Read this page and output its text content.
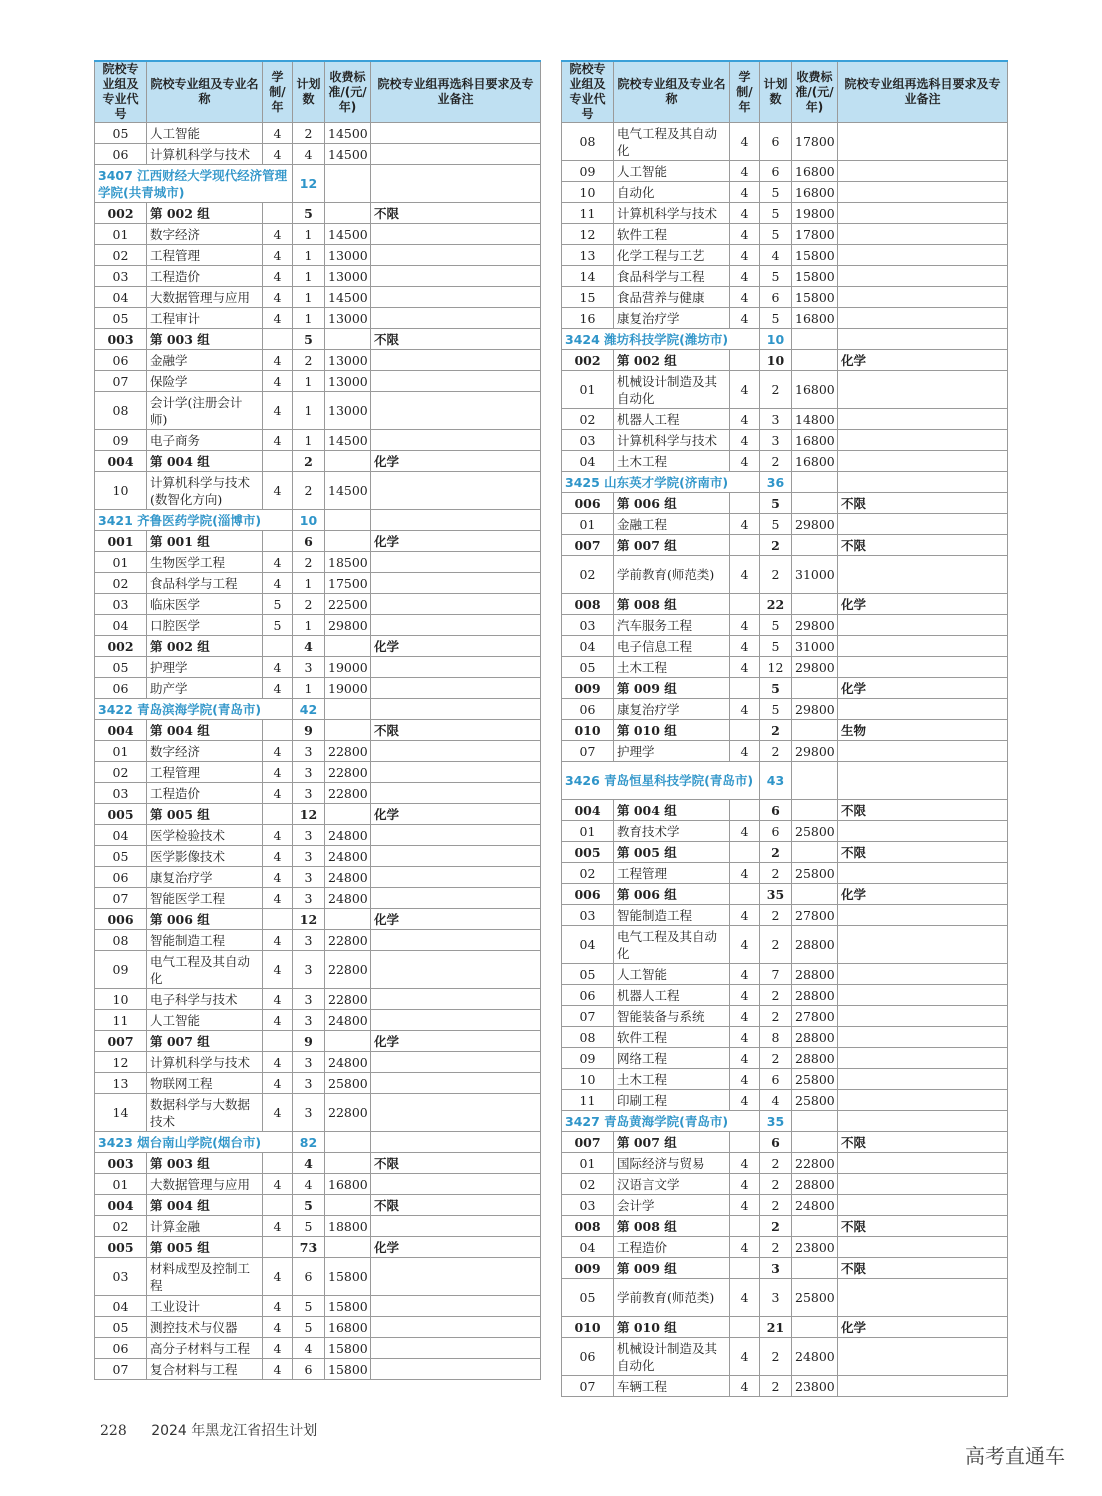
院校专业组及专业代号	院校专业组及专业名称	学制/年	计划数	收费标准/(元/年)	院校专业组再选科目要求及专业备注
05	人工智能	4	2	14500	
06	计算机科学与技术	4	4	14500	
3407 江西财经大学现代经济管理学院(共青城市)			12		
002	第 002 组		5		不限
01	数字经济	4	1	14500	
02	工程管理	4	1	13000	
03	工程造价	4	1	13000	
04	大数据管理与应用	4	1	14500	
05	工程审计	4	1	13000	
003	第 003 组		5		不限
06	金融学	4	2	13000	
07	保险学	4	1	13000	
08	会计学(注册会计师)	4	1	13000	
09	电子商务	4	1	14500	
004	第 004 组		2		化学
10	计算机科学与技术(数智化方向)	4	2	14500	
3421 齐鲁医药学院(淄博市)			10		
001	第 001 组		6		化学
01	生物医学工程	4	2	18500	
02	食品科学与工程	4	1	17500	
03	临床医学	5	2	22500	
04	口腔医学	5	1	29800	
002	第 002 组		4		化学
05	护理学	4	3	19000	
06	助产学	4	1	19000	
3422 青岛滨海学院(青岛市)			42		
004	第 004 组		9		不限
01	数字经济	4	3	22800	
02	工程管理	4	3	22800	
03	工程造价	4	3	22800	
005	第 005 组		12		化学
04	医学检验技术	4	3	24800	
05	医学影像技术	4	3	24800	
06	康复治疗学	4	3	24800	
07	智能医学工程	4	3	24800	
006	第 006 组		12		化学
08	智能制造工程	4	3	22800	
09	电气工程及其自动化	4	3	22800	
10	电子科学与技术	4	3	22800	
11	人工智能	4	3	24800	
007	第 007 组		9		化学
12	计算机科学与技术	4	3	24800	
13	物联网工程	4	3	25800	
14	数据科学与大数据技术	4	3	22800	
3423 烟台南山学院(烟台市)			82		
003	第 003 组		4		不限
01	大数据管理与应用	4	4	16800	
004	第 004 组		5		不限
02	计算金融	4	5	18800	
005	第 005 组		73		化学
03	材料成型及控制工程	4	6	15800	
04	工业设计	4	5	15800	
05	测控技术与仪器	4	5	16800	
06	高分子材料与工程	4	4	15800	
07	复合材料与工程	4	6	15800	
院校专业组及专业代号	院校专业组及专业名称	学制/年	计划数	收费标准/(元/年)	院校专业组再选科目要求及专业备注
08	电气工程及其自动化	4	6	17800	
09	人工智能	4	6	16800	
10	自动化	4	5	16800	
11	计算机科学与技术	4	5	19800	
12	软件工程	4	5	17800	
13	化学工程与工艺	4	4	15800	
14	食品科学与工程	4	5	15800	
15	食品营养与健康	4	6	15800	
16	康复治疗学	4	5	16800	
3424 潍坊科技学院(潍坊市)			10		
002	第 002 组		10		化学
01	机械设计制造及其自动化	4	2	16800	
02	机器人工程	4	3	14800	
03	计算机科学与技术	4	3	16800	
04	土木工程	4	2	16800	
3425 山东英才学院(济南市)			36		
006	第 006 组		5		不限
01	金融工程	4	5	29800	
007	第 007 组		2		不限
02	学前教育(师范类)	4	2	31000	
008	第 008 组		22		化学
03	汽车服务工程	4	5	29800	
04	电子信息工程	4	5	31000	
05	土木工程	4	12	29800	
009	第 009 组		5		化学
06	康复治疗学	4	5	29800	
010	第 010 组		2		生物
07	护理学	4	2	29800	
3426 青岛恒星科技学院(青岛市)			43		
004	第 004 组		6		不限
01	教育技术学	4	6	25800	
005	第 005 组		2		不限
02	工程管理	4	2	25800	
006	第 006 组		35		化学
03	智能制造工程	4	2	27800	
04	电气工程及其自动化	4	2	28800	
05	人工智能	4	7	28800	
06	机器人工程	4	2	28800	
07	智能装备与系统	4	2	27800	
08	软件工程	4	8	28800	
09	网络工程	4	2	28800	
10	土木工程	4	6	25800	
11	印刷工程	4	4	25800	
3427 青岛黄海学院(青岛市)			35		
007	第 007 组		6		不限
01	国际经济与贸易	4	2	22800	
02	汉语言文学	4	2	28800	
03	会计学	4	2	24800	
008	第 008 组		2		不限
04	工程造价	4	2	23800	
009	第 009 组		3		不限
05	学前教育(师范类)	4	3	25800	
010	第 010 组		21		化学
06	机械设计制造及其自动化	4	2	24800	
07	车辆工程	4	2	23800	
228 2024 年黑龙江省招生计划
高考直通车
